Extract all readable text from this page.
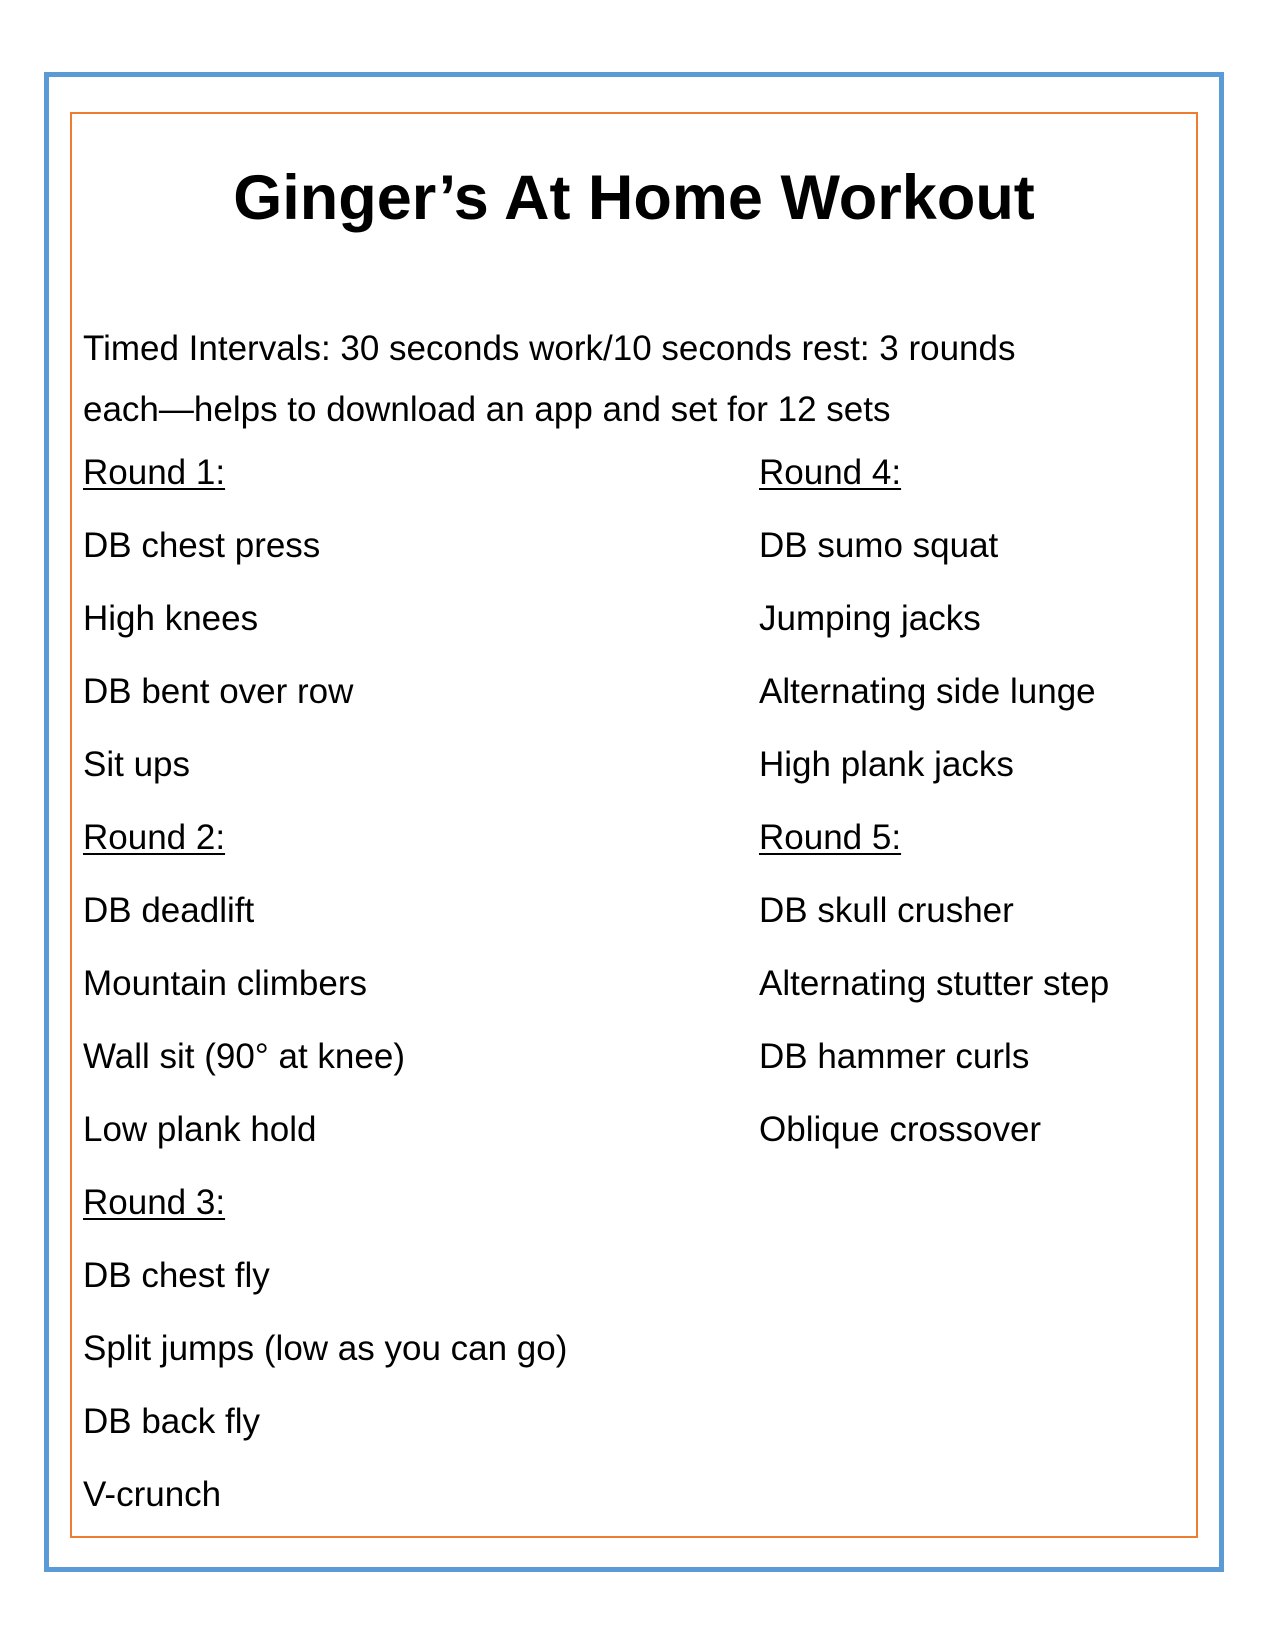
Ginger’s At Home Workout
Timed Intervals: 30 seconds work/10 seconds rest: 3 rounds
each—helps to download an app and set for 12 sets
Round 1:
DB chest press
High knees
DB bent over row
Sit ups
Round 2:
DB deadlift
Mountain climbers
Wall sit (90° at knee)
Low plank hold
Round 3:
DB chest fly
Split jumps (low as you can go)
DB back fly
V-crunch
Round 4:
DB sumo squat
Jumping jacks
Alternating side lunge
High plank jacks
Round 5:
DB skull crusher
Alternating stutter step
DB hammer curls
Oblique crossover
